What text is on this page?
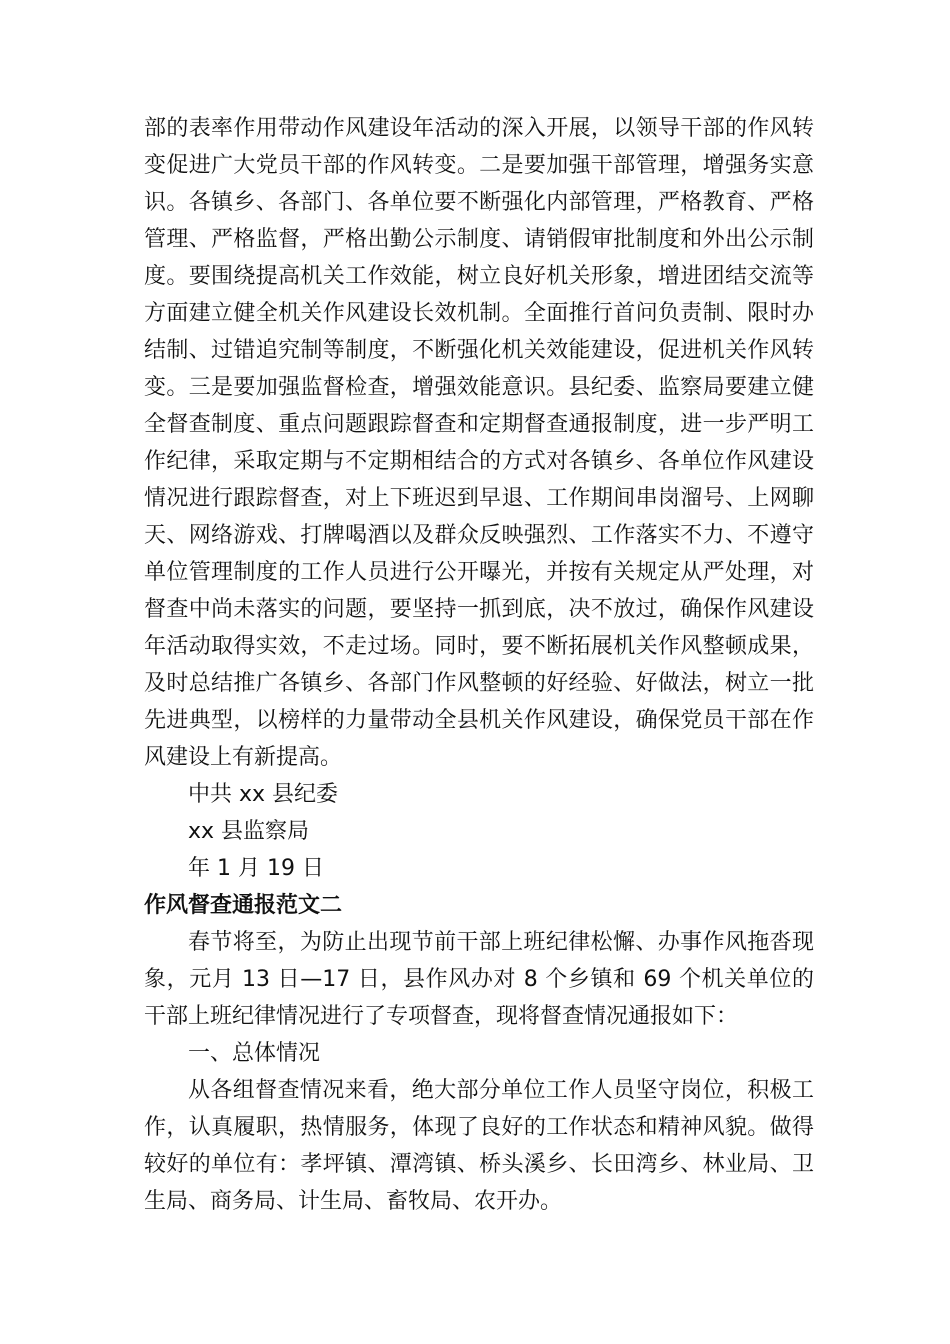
部的表率作用带动作风建设年活动的深入开展，以领导干部的作风转变促进广大党员干部的作风转变。二是要加强干部管理，增强务实意识。各镇乡、各部门、各单位要不断强化内部管理，严格教育、严格管理、严格监督，严格出勤公示制度、请销假审批制度和外出公示制度。要围绕提高机关工作效能，树立良好机关形象，增进团结交流等方面建立健全机关作风建设长效机制。全面推行首问负责制、限时办结制、过错追究制等制度，不断强化机关效能建设，促进机关作风转变。三是要加强监督检查，增强效能意识。县纪委、监察局要建立健全督查制度、重点问题跟踪督查和定期督查通报制度，进一步严明工作纪律，采取定期与不定期相结合的方式对各镇乡、各单位作风建设情况进行跟踪督查，对上下班迟到早退、工作期间串岗溜号、上网聊天、网络游戏、打牌喝酒以及群众反映强烈、工作落实不力、不遵守单位管理制度的工作人员进行公开曝光，并按有关规定从严处理，对督查中尚未落实的问题，要坚持一抓到底，决不放过，确保作风建设年活动取得实效，不走过场。同时，要不断拓展机关作风整顿成果，及时总结推广各镇乡、各部门作风整顿的好经验、好做法，树立一批先进典型，以榜样的力量带动全县机关作风建设，确保党员干部在作风建设上有新提高。

中共 xx 县纪委

xx 县监察局

年 1 月 19 日

作风督查通报范文二

春节将至，为防止出现节前干部上班纪律松懈、办事作风拖沓现象，元月 13 日—17 日，县作风办对 8 个乡镇和 69 个机关单位的干部上班纪律情况进行了专项督查，现将督查情况通报如下：

一、总体情况

从各组督查情况来看，绝大部分单位工作人员坚守岗位，积极工作，认真履职，热情服务，体现了良好的工作状态和精神风貌。做得较好的单位有：孝坪镇、潭湾镇、桥头溪乡、长田湾乡、林业局、卫生局、商务局、计生局、畜牧局、农开办。
